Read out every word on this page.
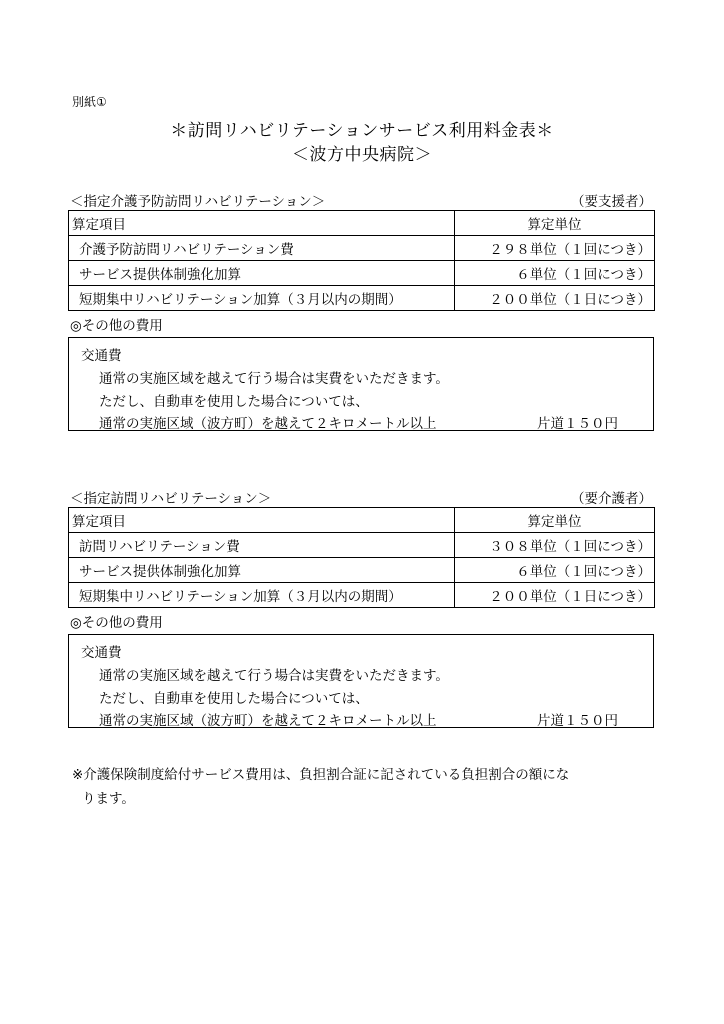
別紙①
＊訪問リハビリテーションサービス利用料金表＊
＜波方中央病院＞
＜指定介護予防訪問リハビリテーション＞	（要支援者）
算定項目	算定単位
介護予防訪問リハビリテーション費	２９８単位（１回につき）
サービス提供体制強化加算	６単位（１回につき）
短期集中リハビリテーション加算（３月以内の期間）	２００単位（１日につき）
◎その他の費用
交通費
通常の実施区域を越えて行う場合は実費をいただきます。
ただし、自動車を使用した場合については、
通常の実施区域（波方町）を越えて２キロメートル以上	片道１５０円
＜指定訪問リハビリテーション＞	（要介護者）
算定項目	算定単位
訪問リハビリテーション費	３０８単位（１回につき）
サービス提供体制強化加算	６単位（１回につき）
短期集中リハビリテーション加算（３月以内の期間）	２００単位（１日につき）
◎その他の費用
交通費
通常の実施区域を越えて行う場合は実費をいただきます。
ただし、自動車を使用した場合については、
通常の実施区域（波方町）を越えて２キロメートル以上	片道１５０円
※介護保険制度給付サービス費用は、負担割合証に記されている負担割合の額にな
ります。
